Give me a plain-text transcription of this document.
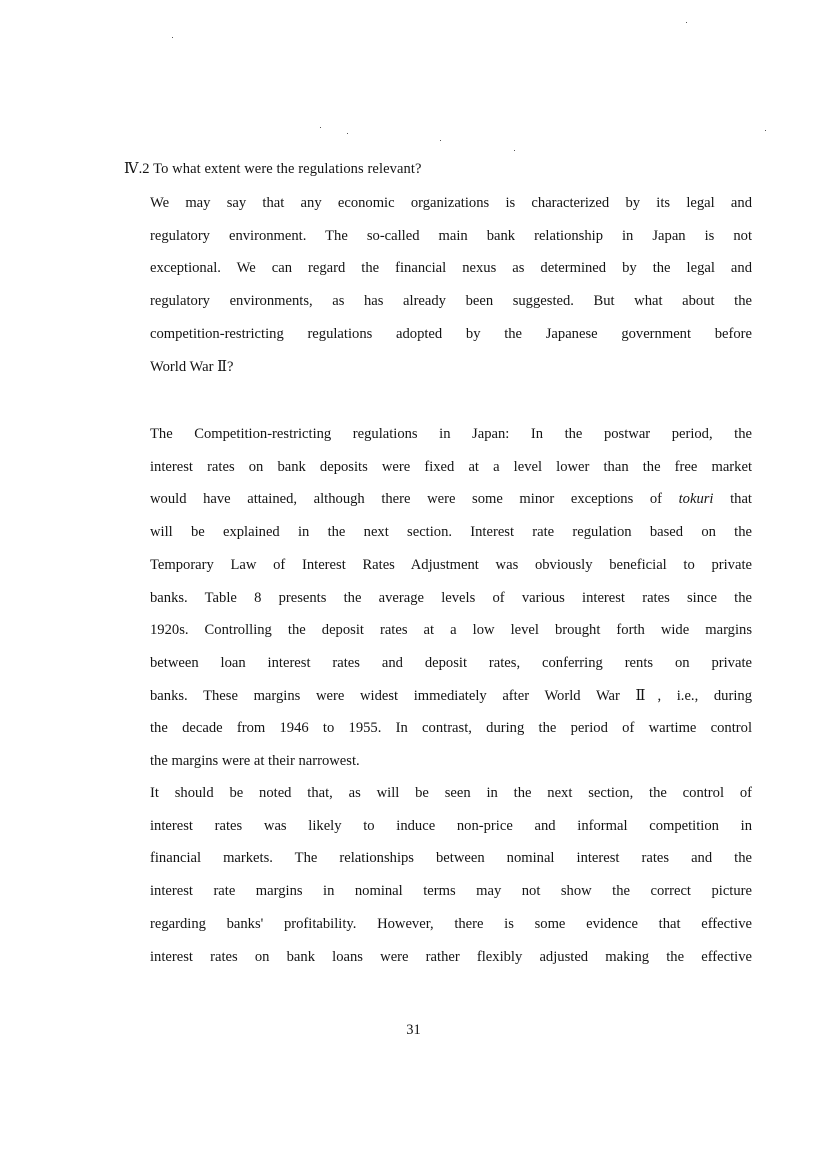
Ⅳ.2 To what extent were the regulations relevant?

We may say that any economic organizations is characterized by its legal and
regulatory environment. The so-called main bank relationship in Japan is not
exceptional. We can regard the financial nexus as determined by the legal and
regulatory environments, as has already been suggested. But what about the
competition-restricting regulations adopted by the Japanese government before
World War Ⅱ?

The Competition-restricting regulations in Japan: In the postwar period, the
interest rates on bank deposits were fixed at a level lower than the free market
would have attained, although there were some minor exceptions of tokuri that
will be explained in the next section. Interest rate regulation based on the
Temporary Law of Interest Rates Adjustment was obviously beneficial to private
banks. Table 8 presents the average levels of various interest rates since the
1920s. Controlling the deposit rates at a low level brought forth wide margins
between loan interest rates and deposit rates, conferring rents on private
banks. These margins were widest immediately after World War Ⅱ, i.e., during
the decade from 1946 to 1955. In contrast, during the period of wartime control
the margins were at their narrowest.

It should be noted that, as will be seen in the next section, the control of
interest rates was likely to induce non-price and informal competition in
financial markets. The relationships between nominal interest rates and the
interest rate margins in nominal terms may not show the correct picture
regarding banks' profitability. However, there is some evidence that effective
interest rates on bank loans were rather flexibly adjusted making the effective

31
